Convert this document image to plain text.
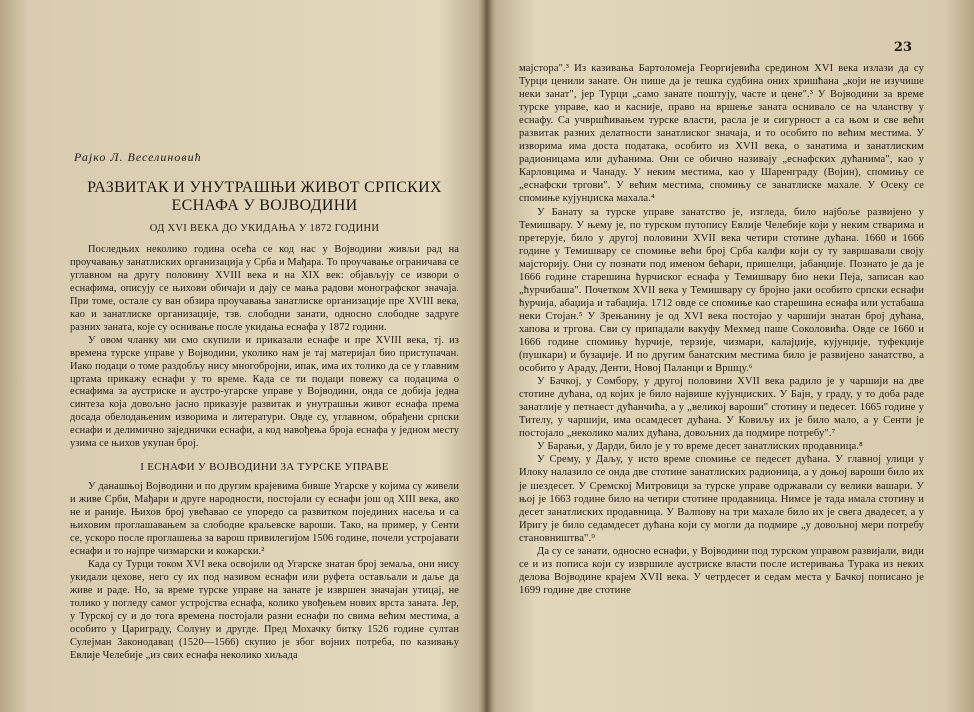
Рајко Л. Веселиновић
РАЗВИТАК И УНУТРАШЊИ ЖИВОТ СРПСКИХ ЕСНАФА У ВОЈВОДИНИ
ОД XVI ВЕКА ДО УКИДАЊА У 1872 ГОДИНИ

Последњих неколико година осећа се код нас у Војводини живљи рад на проучавању занатлиских организација у Срба и Мађара. То проучавање ограничава се углавном на другу половину XVIII века и на XIX век: објављују се извори о еснафима, описују се њихови обичаји и дају се мања радови монографског значаја. При томе, остале су ван обзира проучавања занатлиске организације пре XVIII века, као и занатлиске организације, тзв. слободни занати, односно слободне задруге разних заната, које су оснивање после укидања еснафа у 1872 години.

У овом чланку ми смо скупили и приказали еснафе и пре XVIII века, тј. из времена турске управе у Војводини, уколико нам је тај материјал био приступачан. Иако подаци о томе раздобљу нису многобројни, ипак, има их толико да се у главним цртама прикажу еснафи у то време. Када се ти подаци повежу са подацима о еснафима за аустриске и аустро-угарске управе у Војводини, онда се добија једна синтеза која довољно јасно приказује развитак и унутрашњи живот еснафа према досада обелодањеним изворима и литератури. Овде су, углавном, обрађени српски еснафи и делимично заједнички еснафи, а код навођења броја еснафа у једном месту узима се њихов укупан број.

I ЕСНАФИ У ВОЈВОДИНИ ЗА ТУРСКЕ УПРАВЕ

У данашњој Војводини и по другим крајевима бивше Угарске у којима су живели и живе Срби, Мађари и друге народности, постојали су еснафи још од XIII века, ако не и раније. Њихов број увећавао се упоредо са развитком појединих насеља и са њиховим проглашавањем за слободне краљевске вароши. Тако, на пример, у Сенти се, ускоро после проглашења за варош привилегијом 1506 године, почели устројавати еснафи и то најпре чизмарски и кожарски.²

Када су Турци током XVI века освојили од Угарске знатан број земаља, они нису укидали цехове, него су их под називом еснафи или руфета остављали и даље да живе и раде. Но, за време турске управе на занате је извршен значајан утицај, не толико у погледу самог устројства еснафа, колико увођењем нових врста заната. Јер, у Турској су и до тога времена постојали разни еснафи по свима већим местима, а особито у Цариграду, Солуну и другде. Пред Мохачку битку 1526 године султан Сулејман Законодавац (1520—1566) скупио је због војних потреба, по казивању Евлије Челебије „из свих еснафа неколико хиљада

23

мајстора".³ Из казивања Бартоломеја Георгијевића средином XVI века излази да су Турци ценили занате. Он пише да је тешка судбина оних хришћана „који не изучише неки занат", јер Турци „само занате поштују, часте и цене".³ У Војводини за време турске управе, као и касније, право на вршење заната оснивало се на чланству у еснафу. Са учвршћивањем турске власти, расла је и сигурност а са њом и све већи развитак разних делатности занатлиског значаја, и то особито по већим местима. У изворима има доста података, особито из XVII века, о занатима и занатлиским радионицама или дућанима. Они се обично називају „еснафских дућанима", као у Карловцима и Чанаду. У неким местима, као у Шаренграду (Војин), спомињу се „еснафски тргови". У већим местима, спомињу се занатлиске махале. У Осеку се спомиње кујунџиска махала.⁴

У Банату за турске управе занатство је, изгледа, било најбоље развијено у Темишвару. У њему је, по турском путопису Евлије Челебије који у неким стварима и претерује, било у другој половини XVII века четири стотине дућана. 1660 и 1666 године у Темишвару се спомиње већи број Срба калфи који су ту завршавали своју мајсторију. Они су познати под именом бећари, пришелци, јабанџије. Познато је да је 1666 године старешина ћурчиског еснафа у Темишвару био неки Пеја, записан као „ћурчибаша". Почетком XVII века у Темишвару су бројно јаки особито српски еснафи ћурчија, абаџија и табаџија. 1712 овде се спомиње као старешина еснафа или устабаша неки Стојан.⁵ У Зрењанину је од XVI века постојао у чаршији знатан број дућана, хапова и трговa. Сви су припадали вакуфу Мехмед паше Соколовића. Овде се 1660 и 1666 године спомињу ћурчије, терзије, чизмари, калајџије, кујунџије, туфекџије (пушкари) и бузаџије. И по другим банатским местима било је развијено занатство, а особито у Араду, Денти, Новој Паланци и Вршцу.⁶

У Бачкој, у Сомбору, у другој половини XVII века радило је у чаршији на две стотине дућана, од којих је било највише кујунџиских. У Бајн, у граду, у то доба раде занатлије у петнаест дућанчића, а у „великој вароши" стотину и педесет. 1665 године у Тителу, у чаршији, има осамдесет дућана. У Ковиљу их је било мало, а у Сенти је постојало „неколико малих дућана, довољних да подмире потребу".⁷

У Барањи, у Дарди, било је у то време десет занатлиских продавница.⁸

У Срему, у Даљу, у исто време спомиње се педесет дућана. У главној улици у Илоку налазило се онда две стотине занатлиских радионица, а у доњој вароши било их је шездесет. У Сремској Митровици за турске управе одржавали су велики вашари. У њој је 1663 године било на четири стотине продавница. Нимсе је тада имала стотину и десет занатлиских продавница. У Валпову на три махале било их је свега двадесет, а у Иригу је било седамдесет дућана који су могли да подмире „у довољној мери потребу становништва".⁹

Да су се занати, односно еснафи, у Војводини под турском управом развијали, види се и из пописа који су извршиле аустриске власти после истеривања Турака из неких делова Војводине крајем XVII века. У четрдесет и седам места у Бачкој пописано је 1699 године две стотине
